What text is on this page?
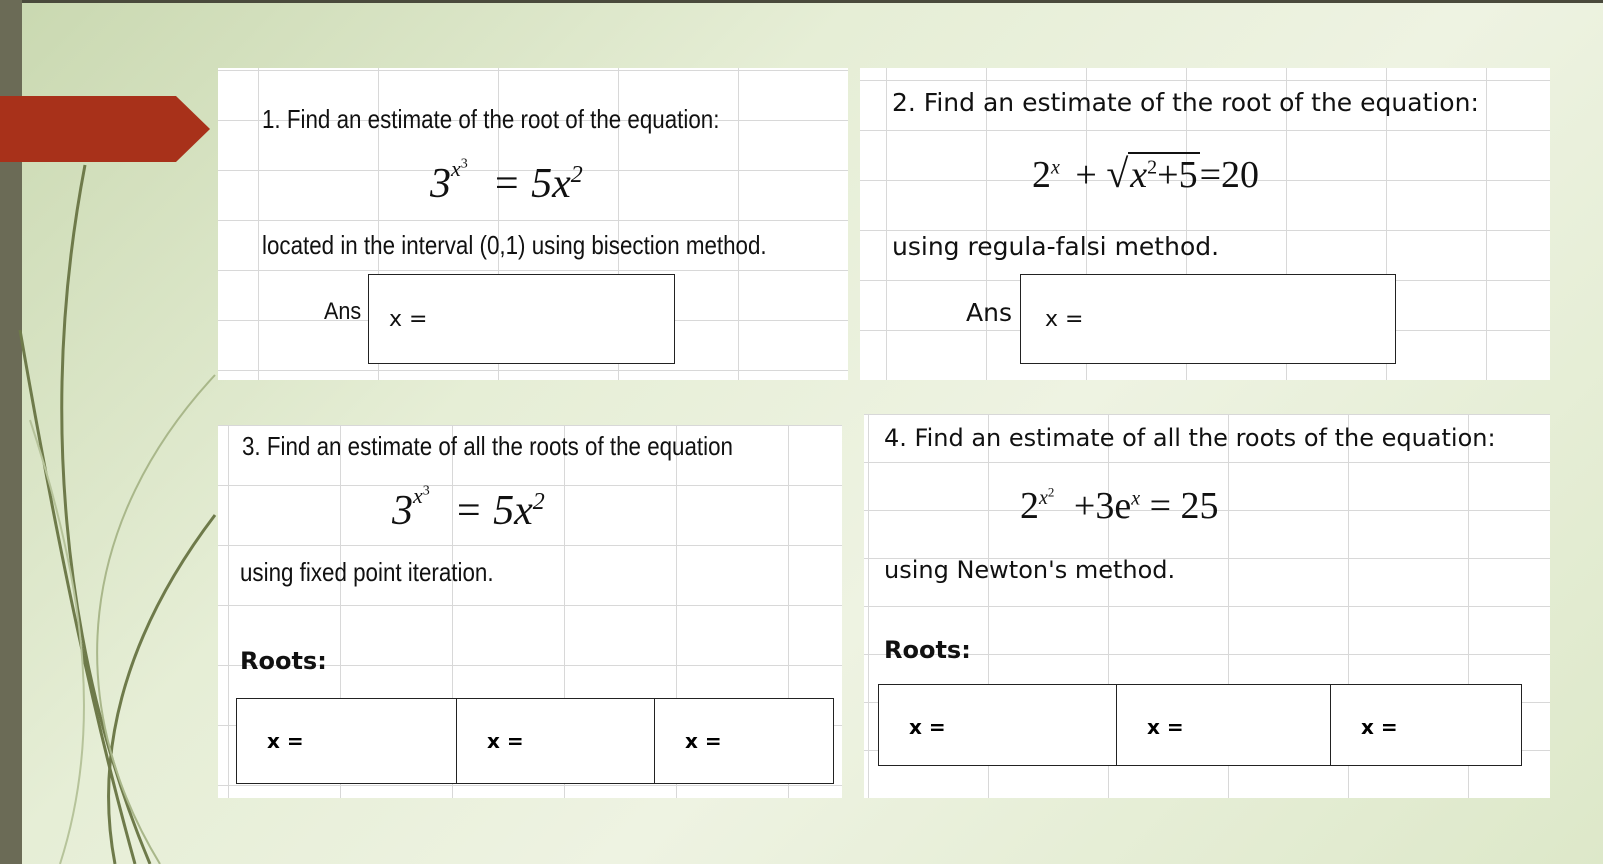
1. Find an estimate of the root of the equation:
$3^{x^3} = 5x^2$
located in the interval (0,1) using bisection method.
Ans x =
2. Find an estimate of the root of the equation:
$2^x + √x^2+5=20$
using regula-falsi method.
Ans x =
3. Find an estimate of all the roots of the equation
$3^{x^3} = 5x^2$
using fixed point iteration.
Roots:
x =	x =	x =
4. Find an estimate of all the roots of the equation:
$2^{x^2} +3e^x = 25$
using Newton's method.
Roots:
x =	x =	x =
